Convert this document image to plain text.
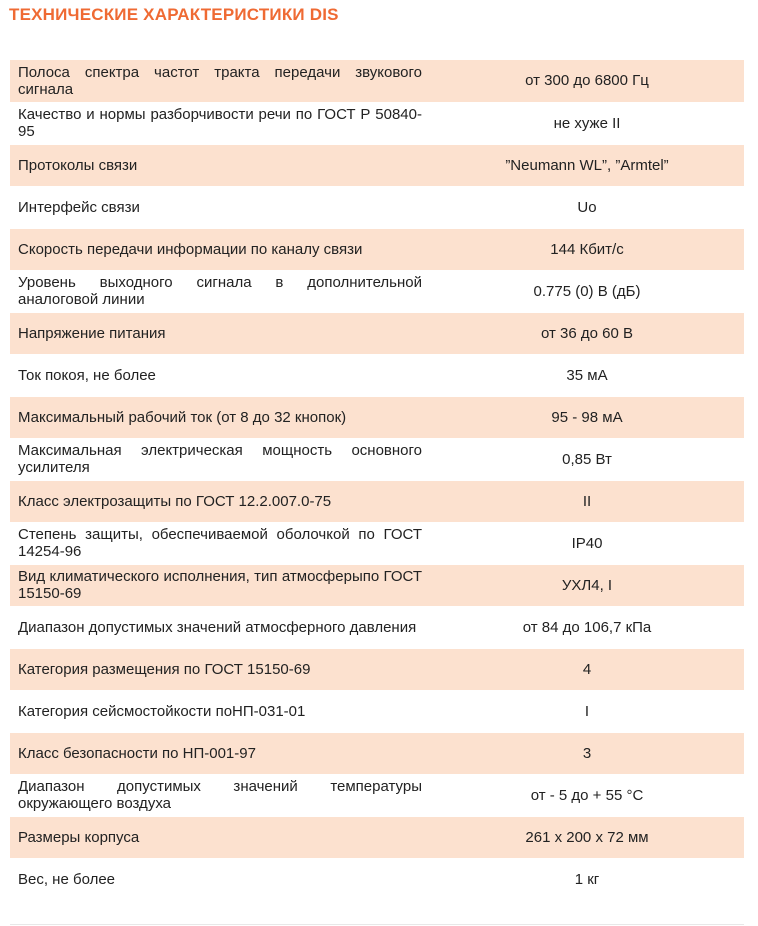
ТЕХНИЧЕСКИЕ ХАРАКТЕРИСТИКИ DIS
Полоса спектра частот тракта передачи звукового сигнала	от 300 до 6800 Гц
Качество и нормы разборчивости речи по ГОСТ Р 50840-95	не хуже II
Протоколы связи	”Neumann WL”, ”Armtel”
Интерфейс связи	Uo
Скорость передачи информации по каналу связи	144 Кбит/с
Уровень выходного сигнала в дополнительной аналоговой линии	0.775 (0) В (дБ)
Напряжение питания	от 36 до 60 В
Ток покоя, не более	35 мА
Максимальный рабочий ток (от 8 до 32 кнопок)	95 - 98 мА
Максимальная электрическая мощность основного усилителя	0,85 Вт
Класс электрозащиты по ГОСТ 12.2.007.0-75	II
Степень защиты, обеспечиваемой оболочкой по ГОСТ 14254-96	IP40
Вид климатического исполнения, тип атмосферыпо ГОСТ 15150-69	УХЛ4, I
Диапазон допустимых значений атмосферного давления	от 84 до 106,7 кПа
Категория размещения по ГОСТ 15150-69	4
Категория сейсмостойкости поНП-031-01	I
Класс безопасности по НП-001-97	3
Диапазон допустимых значений температуры окружающего воздуха	от - 5 до + 55 °С
Размеры корпуса	261 x 200 x 72 мм
Вес, не более	1 кг
